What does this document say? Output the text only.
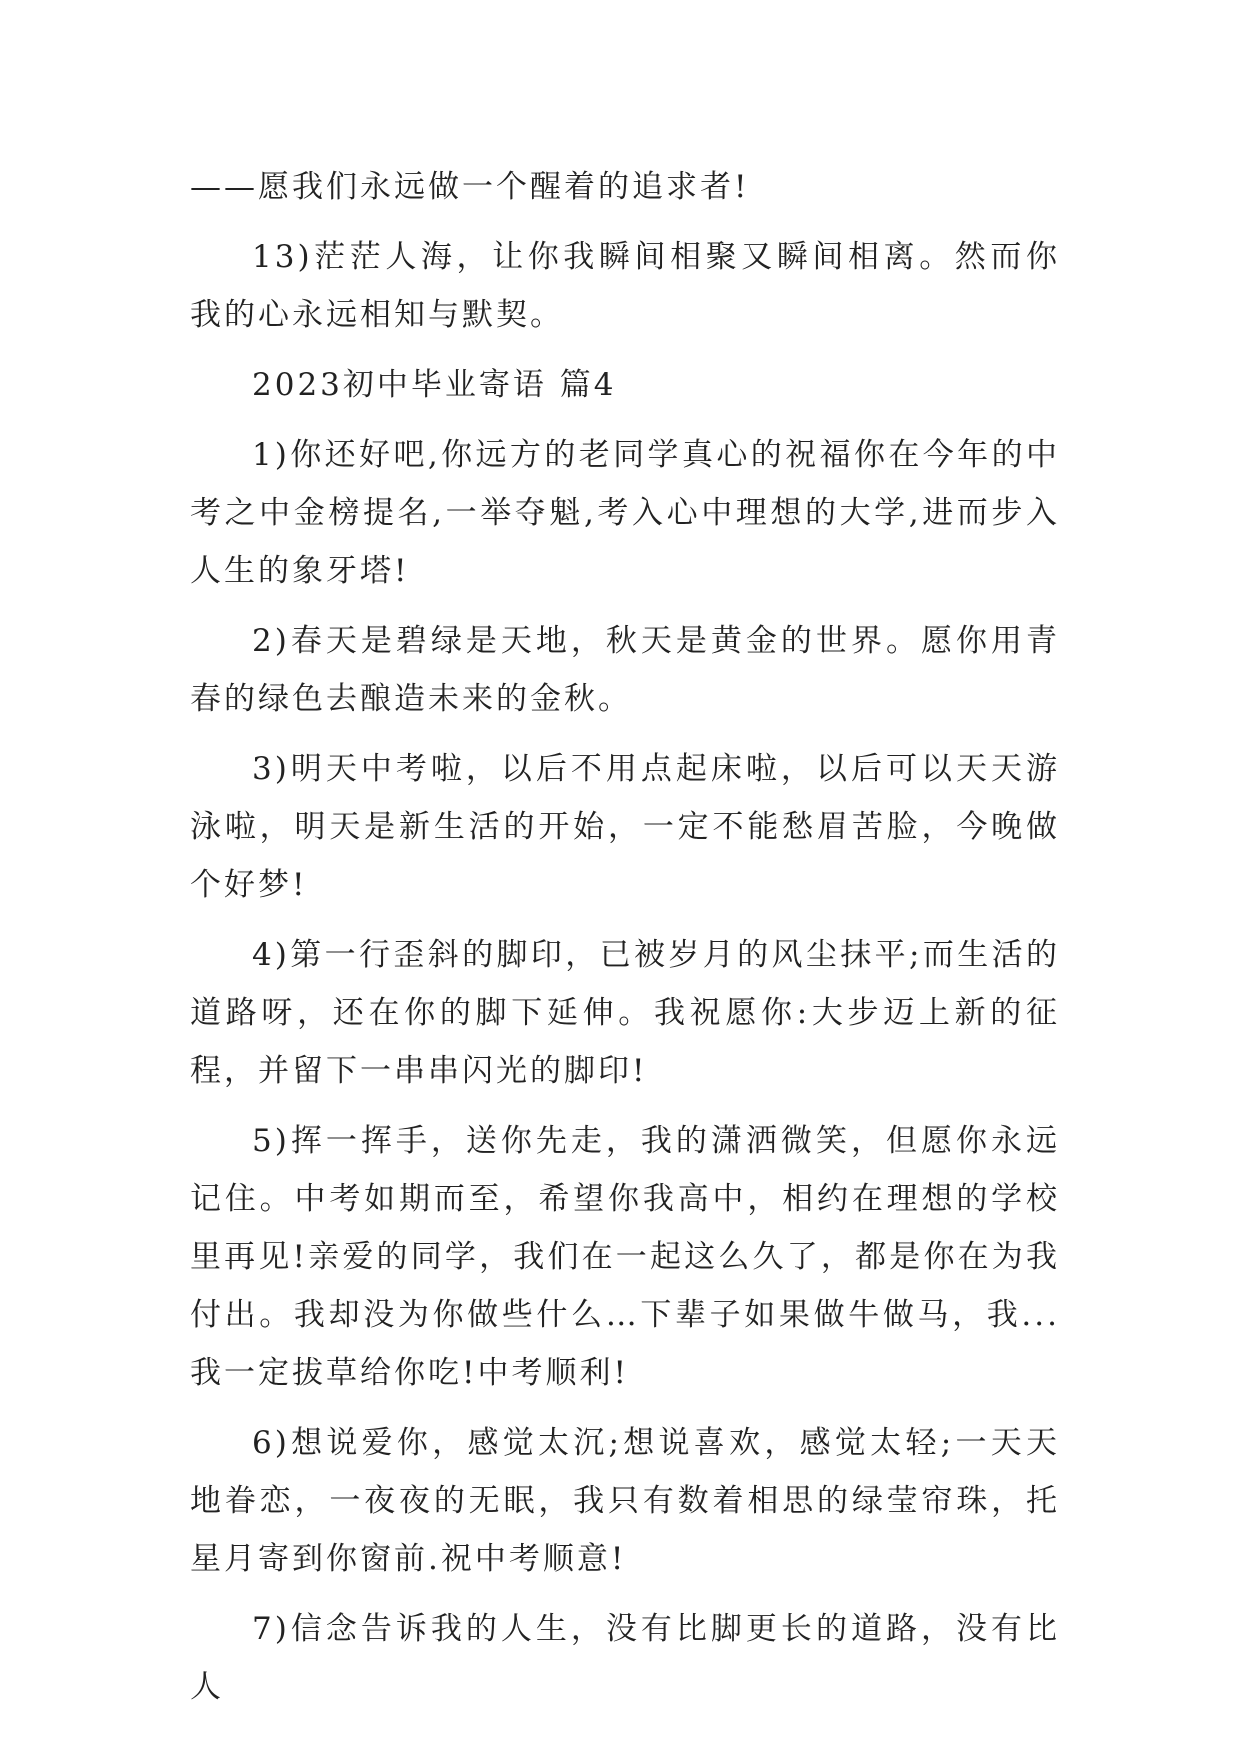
——愿我们永远做一个醒着的追求者!

13)茫茫人海，让你我瞬间相聚又瞬间相离。然而你我的心永远相知与默契。

2023初中毕业寄语 篇4

1)你还好吧,你远方的老同学真心的祝福你在今年的中考之中金榜提名,一举夺魁,考入心中理想的大学,进而步入人生的象牙塔!

2)春天是碧绿是天地，秋天是黄金的世界。愿你用青春的绿色去酿造未来的金秋。

3)明天中考啦，以后不用点起床啦，以后可以天天游泳啦，明天是新生活的开始，一定不能愁眉苦脸，今晚做个好梦!

4)第一行歪斜的脚印，已被岁月的风尘抹平;而生活的道路呀，还在你的脚下延伸。我祝愿你:大步迈上新的征程，并留下一串串闪光的脚印!

5)挥一挥手，送你先走，我的潇洒微笑，但愿你永远记住。中考如期而至，希望你我高中，相约在理想的学校里再见!亲爱的同学，我们在一起这么久了，都是你在为我付出。我却没为你做些什么…下辈子如果做牛做马，我...我一定拔草给你吃!中考顺利!

6)想说爱你，感觉太沉;想说喜欢，感觉太轻;一天天地眷恋，一夜夜的无眠，我只有数着相思的绿莹帘珠，托星月寄到你窗前.祝中考顺意!

7)信念告诉我的人生，没有比脚更长的道路，没有比人
